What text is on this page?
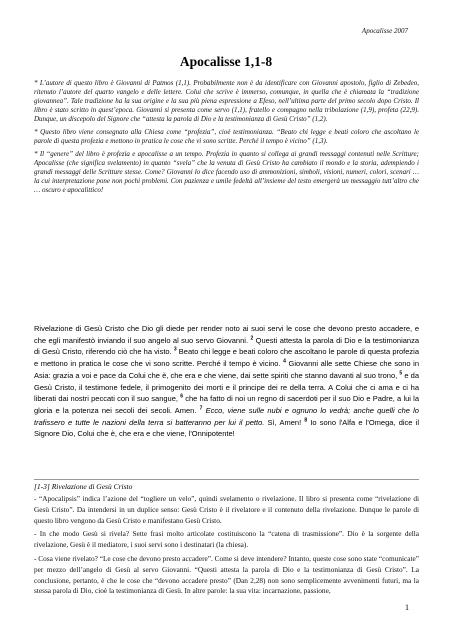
Apocalisse 2007
Apocalisse 1,1-8

* L’autore di questo libro è Giovanni di Patmos (1,1). Probabilmente non è da identificare con Giovanni apostolo, figlio di Zebedeo, ritenuto l’autore del quarto vangelo e delle lettere. Colui che scrive è immerso, comunque, in quella che è chiamata la “tradizione giovannea”. Tale tradizione ha la sua origine e la sua più piena espressione a Efeso, nell’ultima parte del primo secolo dopo Cristo. Il libro è stato scritto in quest’epoca. Giovanni si presenta come servo (1,1), fratello e compagno nella tribolazione (1,9), profeta (22,9). Dunque, un discepolo del Signore che “attesta la parola di Dio e la testimonianza di Gesù Cristo” (1,2).

* Questo libro viene consegnato alla Chiesa come “profezia”, cioè testimonianza. “Beato chi legge e beati coloro che ascoltano le parole di questa profezia e mettono in pratica le cose che vi sono scritte. Perché il tempo è vicino” (1,3).

* Il “genere” del libro è profezia e apocalisse a un tempo. Profezia in quanto si collega ai grandi messaggi contenuti nelle Scritture; Apocalisse (che significa svelamento) in quanto “svela” che la venuta di Gesù Cristo ha cambiato il mondo e la storia, adempiendo i grandi messaggi delle Scritture stesse. Come? Giovanni lo dice facendo uso di ammonizioni, simboli, visioni, numeri, colori, scenari … la cui interpretazione pone non pochi problemi. Con pazienza e umile fedeltà all’insieme del testo emergerà un messaggio tutt’altro che … oscuro e apocalittico!

Rivelazione di Gesù Cristo che Dio gli diede per render noto ai suoi servi le cose che devono presto accadere, e che egli manifestò inviando il suo angelo al suo servo Giovanni. $^2$ Questi attesta la parola di Dio e la testimonianza di Gesù Cristo, riferendo ciò che ha visto. $^3$ Beato chi legge e beati coloro che ascoltano le parole di questa profezia e mettono in pratica le cose che vi sono scritte. Perché il tempo è vicino. $^4$ Giovanni alle sette Chiese che sono in Asia: grazia a voi e pace da Colui che è, che era e che viene, dai sette spiriti che stanno davanti al suo trono, $^5$ e da Gesù Cristo, il testimone fedele, il primogenito dei morti e il principe dei re della terra. A Colui che ci ama e ci ha liberati dai nostri peccati con il suo sangue, $^6$ che ha fatto di noi un regno di sacerdoti per il suo Dio e Padre, a lui la gloria e la potenza nei secoli dei secoli. Amen. $^7$ Ecco, viene sulle nubi e ognuno lo vedrà; anche quelli che lo trafissero e tutte le nazioni della terra si batteranno per lui il petto. Sì, Amen! $^8$ Io sono l'Alfa e l'Omega, dice il Signore Dio, Colui che è, che era e che viene, l'Onnipotente!

[1-3] Rivelazione di Gesù Cristo

- “Apocalipsis” indica l’azione del “togliere un velo”, quindi svelamento o rivelazione. Il libro si presenta come “rivelazione di Gesù Cristo”. Da intendersi in un duplice senso: Gesù Cristo è il rivelatore e il contenuto della rivelazione. Dunque le parole di questo libro vengono da Gesù Cristo e manifestano Gesù Cristo.

- In che modo Gesù si rivela? Sette frasi molto articolate costituiscono la “catena di trasmissione”. Dio è la sorgente della rivelazione, Gesù è il mediatore, i suoi servi sono i destinatari (la chiesa).

- Cosa viene rivelato? “Le cose che devono presto accadere”. Come si deve intendere? Intanto, queste cose sono state “comunicate” per mezzo dell’angelo di Gesù al servo Giovanni. “Questi attesta la parola di Dio e la testimonianza di Gesù Cristo”. La conclusione, pertanto, è che le cose che “devono accadere presto” (Dan 2,28) non sono semplicemente avvenimenti futuri, ma la stessa parola di Dio, cioè la testimonianza di Gesù. In altre parole: la sua vita: incarnazione, passione,

1
